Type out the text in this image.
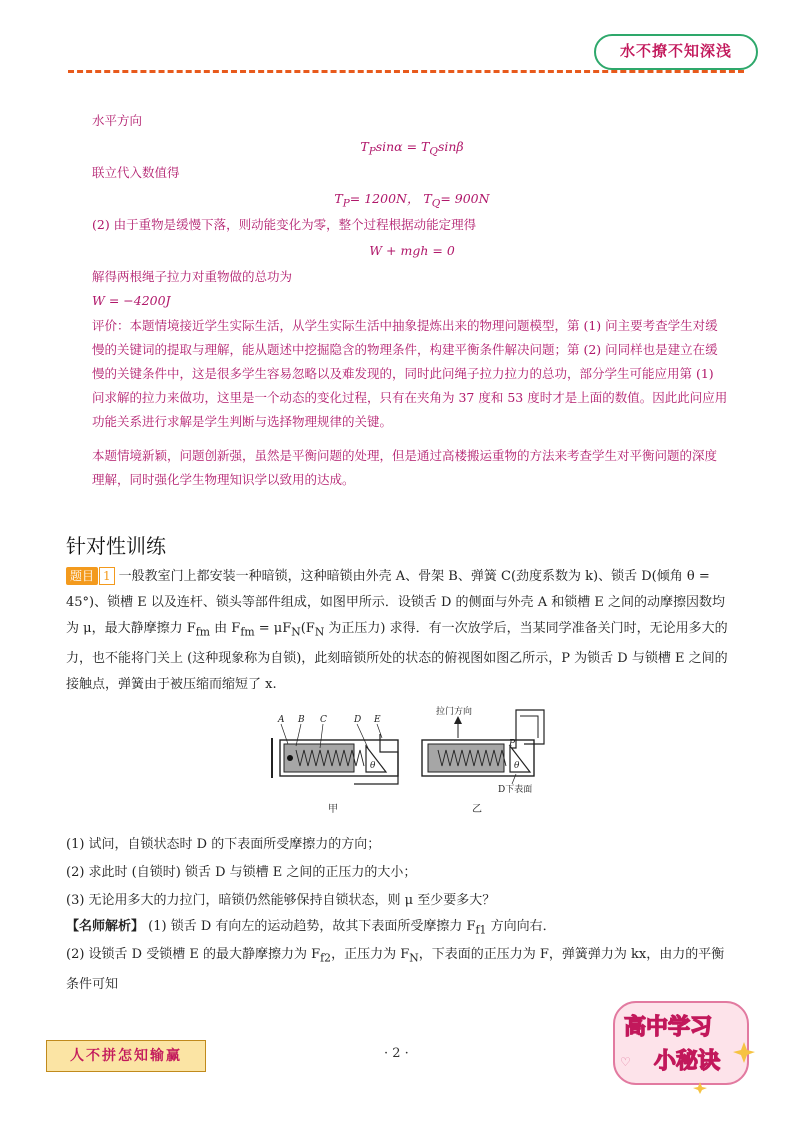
水不撩不知深浅
水平方向
$T_P\sin\alpha = T_Q\sin\beta$
联立代入数值得
$T_P= 1200N$， $T_Q= 900N$
(2) 由于重物是缓慢下落，则动能变化为零，整个过程根据动能定理得
W + mgh = 0
解得两根绳子拉力对重物做的总功为
W = −4200J
评价：本题情境接近学生实际生活，从学生实际生活中抽象提炼出来的物理问题模型，第 (1) 问主要考查学生对缓慢的关键词的提取与理解，能从题述中挖掘隐含的物理条件，构建平衡条件解决问题；第 (2) 问同样也是建立在缓慢的关键条件中，这是很多学生容易忽略以及难发现的，同时此问绳子拉力拉力的总功，部分学生可能应用第 (1) 问求解的拉力来做功，这里是一个动态的变化过程，只有在夹角为 37 度和 53 度时才是上面的数值。因此此问应用功能关系进行求解是学生判断与选择物理规律的关键。
本题情境新颖，问题创新强，虽然是平衡问题的处理，但是通过高楼搬运重物的方法来考查学生对平衡问题的深度理解，同时强化学生物理知识学以致用的达成。
针对性训练
题目 1 一般教室门上都安装一种暗锁，这种暗锁由外壳 A、骨架 B、弹簧 C(劲度系数为 k)、锁舌 D(倾角 θ = 45°)、锁槽 E 以及连杆、锁头等部件组成，如图甲所示．设锁舌 D 的侧面与外壳 A 和锁槽 E 之间的动摩擦因数均为 μ，最大静摩擦力 $F_{fm}$ 由 $F_{fm} = \mu F_N(F_N$ 为正压力) 求得．有一次放学后，当某同学准备关门时，无论用多大的力，也不能将门关上 (这种现象称为自锁)，此刻暗锁所处的状态的俯视图如图乙所示，P 为锁舌 D 与锁槽 E 之间的接触点，弹簧由于被压缩而缩短了 x.
θ
A B C	D E
甲
拉门方向
P
θ
D下表面
乙
(1) 试问，自锁状态时 D 的下表面所受摩擦力的方向；
(2) 求此时 (自锁时) 锁舌 D 与锁槽 E 之间的正压力的大小；
(3) 无论用多大的力拉门，暗锁仍然能够保持自锁状态，则 μ 至少要多大？
【名师解析】 (1) 锁舌 D 有向左的运动趋势，故其下表面所受摩擦力 $F_{f1}$ 方向向右．
(2) 设锁舌 D 受锁槽 E 的最大静摩擦力为 $F_{f2}$，正压力为 $F_N$，下表面的正压力为 F，弹簧弹力为 kx，由力的平衡条件可知
人不拼怎知输赢	· 2 ·
高中学习
小秘诀
♡
